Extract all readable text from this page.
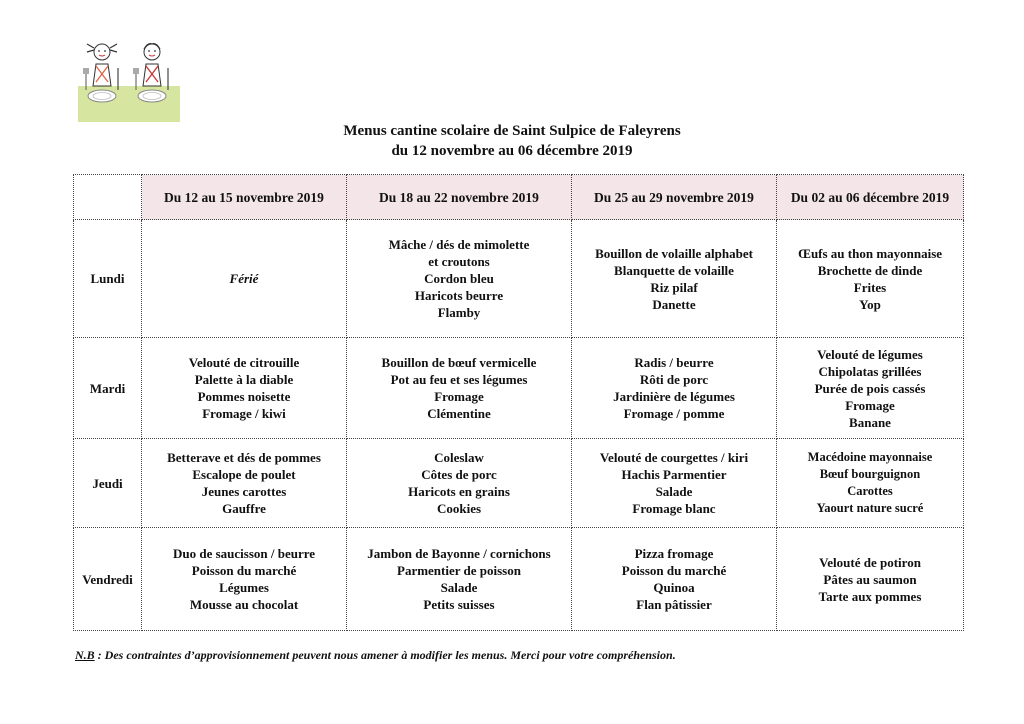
Menus cantine scolaire de Saint Sulpice de Faleyrens
du 12 novembre au 06 décembre 2019
	Du 12 au 15 novembre 2019	Du 18 au 22 novembre 2019	Du 25 au 29 novembre 2019	Du 02 au 06 décembre 2019
Lundi	Férié	Mâche / dés de mimolette
et croutons
Cordon bleu
Haricots beurre
Flamby	Bouillon de volaille alphabet
Blanquette de volaille
Riz pilaf
Danette	Œufs au thon mayonnaise
Brochette de dinde
Frites
Yop

Mardi	Velouté de citrouille
Palette à la diable
Pommes noisette
Fromage / kiwi	Bouillon de bœuf vermicelle
Pot au feu et ses légumes
Fromage
Clémentine	Radis / beurre
Rôti de porc
Jardinière de légumes
Fromage / pomme	Velouté de légumes
Chipolatas grillées
Purée de pois cassés
Fromage
Banane

Jeudi	Betterave et dés de pommes
Escalope de poulet
Jeunes carottes
Gauffre	Coleslaw
Côtes de porc
Haricots en grains
Cookies	Velouté de courgettes / kiri
Hachis Parmentier
Salade
Fromage blanc	Macédoine mayonnaise
Bœuf bourguignon
Carottes
Yaourt nature sucré

Vendredi	Duo de saucisson / beurre
Poisson du marché
Légumes
Mousse au chocolat	Jambon de Bayonne / cornichons
Parmentier de poisson
Salade
Petits suisses	Pizza fromage
Poisson du marché
Quinoa
Flan pâtissier	Velouté de potiron
Pâtes au saumon
Tarte aux pommes
N.B : Des contraintes d’approvisionnement peuvent nous amener à modifier les menus. Merci pour votre compréhension.
